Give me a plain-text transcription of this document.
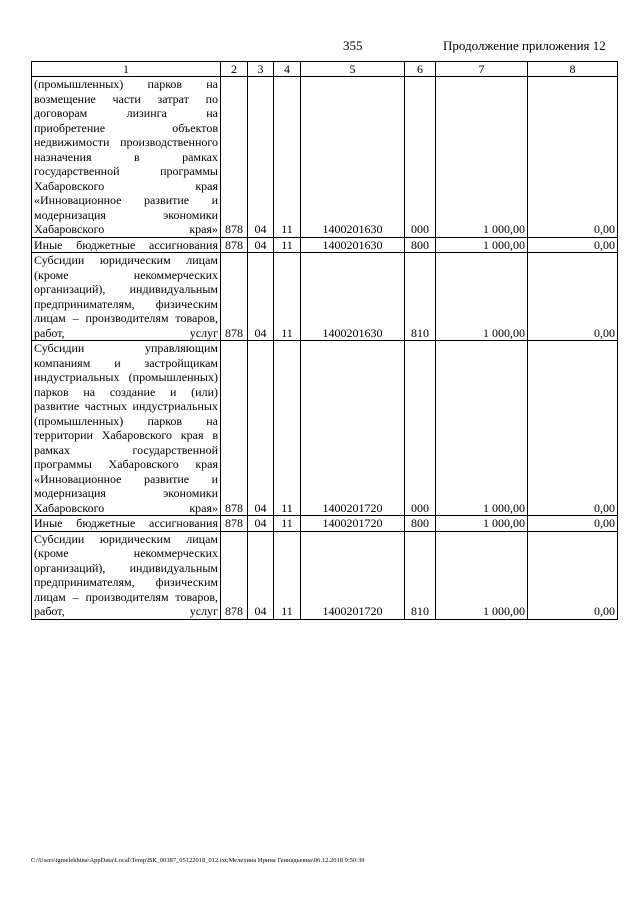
355	Продолжение приложения 12
1	2	3	4	5	6	7	8
(промышленных) парков на возмещение части затрат по договорам лизинга на приобретение объектов недвижимости производственного назначения в рамках государственной программы Хабаровского края «Инновационное развитие и модернизация экономики Хабаровского края»	878	04	11	1400201630	000	1 000,00	0,00
Иные бюджетные ассигнования	878	04	11	1400201630	800	1 000,00	0,00
Субсидии юридическим лицам (кроме некоммерческих организаций), индивидуальным предпринимателям, физическим лицам – производителям товаров, работ, услуг	878	04	11	1400201630	810	1 000,00	0,00
Субсидии управляющим компаниям и застройщикам индустриальных (промышленных) парков на создание и (или) развитие частных индустриальных (промышленных) парков на территории Хабаровского края в рамках государственной программы Хабаровского края «Инновационное развитие и модернизация экономики Хабаровского края»	878	04	11	1400201720	000	1 000,00	0,00
Иные бюджетные ассигнования	878	04	11	1400201720	800	1 000,00	0,00
Субсидии юридическим лицам (кроме некоммерческих организаций), индивидуальным предпринимателям, физическим лицам – производителям товаров, работ, услуг	878	04	11	1400201720	810	1 000,00	0,00
C:\Users\igmelekhina\AppData\Local\Temp\ВК_00387_05122018_012.txt;Мелехина Ирина Геннадьевна\06.12.2018 9:50:39
